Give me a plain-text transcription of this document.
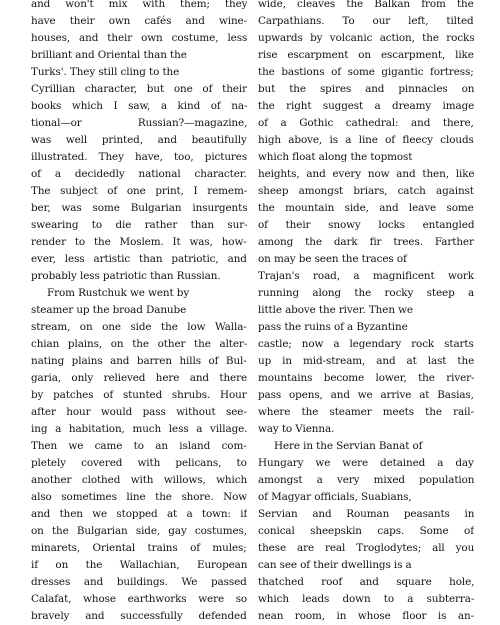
and won't mix with them; they
have their own cafés and wine-
houses, and their own costume, less
brilliant and Oriental than the
Turks'. They still cling to the
Cyrillian character, but one of their
books which I saw, a kind of na-
tional—or Russian?—magazine,
was well printed, and beautifully
illustrated. They have, too, pictures
of a decidedly national character.
The subject of one print, I remem-
ber, was some Bulgarian insurgents
swearing to die rather than sur-
render to the Moslem. It was, how-
ever, less artistic than patriotic, and
probably less patriotic than Russian.
From Rustchuk we went by
steamer up the broad Danube
stream, on one side the low Walla-
chian plains, on the other the alter-
nating plains and barren hills of Bul-
garia, only relieved here and there
by patches of stunted shrubs. Hour
after hour would pass without see-
ing a habitation, much less a village.
Then we came to an island com-
pletely covered with pelicans, to
another clothed with willows, which
also sometimes line the shore. Now
and then we stopped at a town: if
on the Bulgarian side, gay costumes,
minarets, Oriental trains of mules;
if on the Wallachian, European
dresses and buildings. We passed
Calafat, whose earthworks were so
bravely and successfully defended
wide, cleaves the Balkan from the
Carpathians. To our left, tilted
upwards by volcanic action, the rocks
rise escarpment on escarpment, like
the bastions of some gigantic fortress;
but the spires and pinnacles on
the right suggest a dreamy image
of a Gothic cathedral: and there,
high above, is a line of fleecy clouds
which float along the topmost
heights, and every now and then, like
sheep amongst briars, catch against
the mountain side, and leave some
of their snowy locks entangled
among the dark fir trees. Farther
on may be seen the traces of
Trajan's road, a magnificent work
running along the rocky steep a
little above the river. Then we
pass the ruins of a Byzantine
castle; now a legendary rock starts
up in mid-stream, and at last the
mountains become lower, the river-
pass opens, and we arrive at Basias,
where the steamer meets the rail-
way to Vienna.
Here in the Servian Banat of
Hungary we were detained a day
amongst a very mixed population
of Magyar officials, Suabians,
Servian and Rouman peasants in
conical sheepskin caps. Some of
these are real Troglodytes; all you
can see of their dwellings is a
thatched roof and square hole,
which leads down to a subterra-
nean room, in whose floor is an-
